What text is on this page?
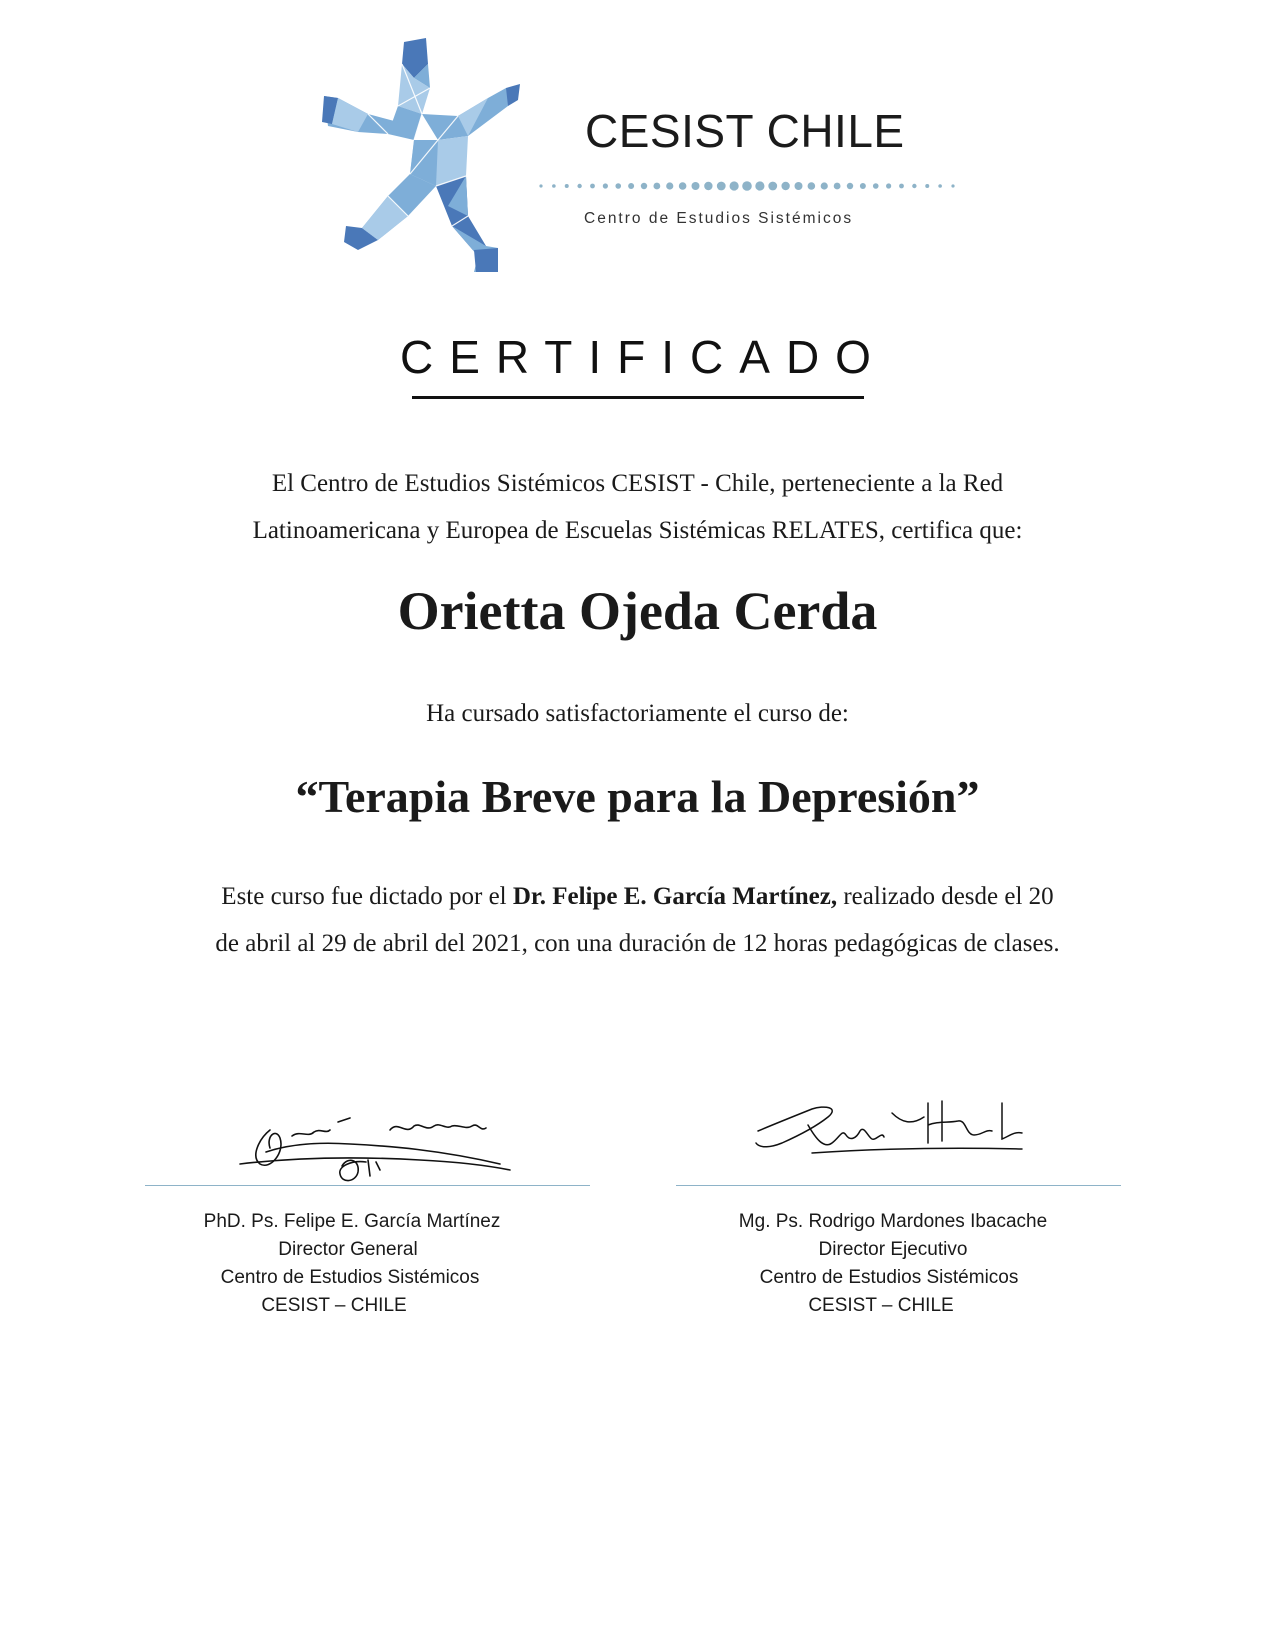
CESIST CHILE
Centro de Estudios Sistémicos
CERTIFICADO
El Centro de Estudios Sistémicos CESIST - Chile, perteneciente a la Red
Latinoamericana y Europea de Escuelas Sistémicas RELATES, certifica que:
Orietta Ojeda Cerda
Ha cursado satisfactoriamente el curso de:
“Terapia Breve para la Depresión”
Este curso fue dictado por el Dr. Felipe E. García Martínez, realizado desde el 20
de abril al 29 de abril del 2021, con una duración de 12 horas pedagógicas de clases.
PhD. Ps. Felipe E. García Martínez
Director General
Centro de Estudios Sistémicos
CESIST – CHILE
Mg. Ps. Rodrigo Mardones Ibacache
Director Ejecutivo
Centro de Estudios Sistémicos
CESIST – CHILE
